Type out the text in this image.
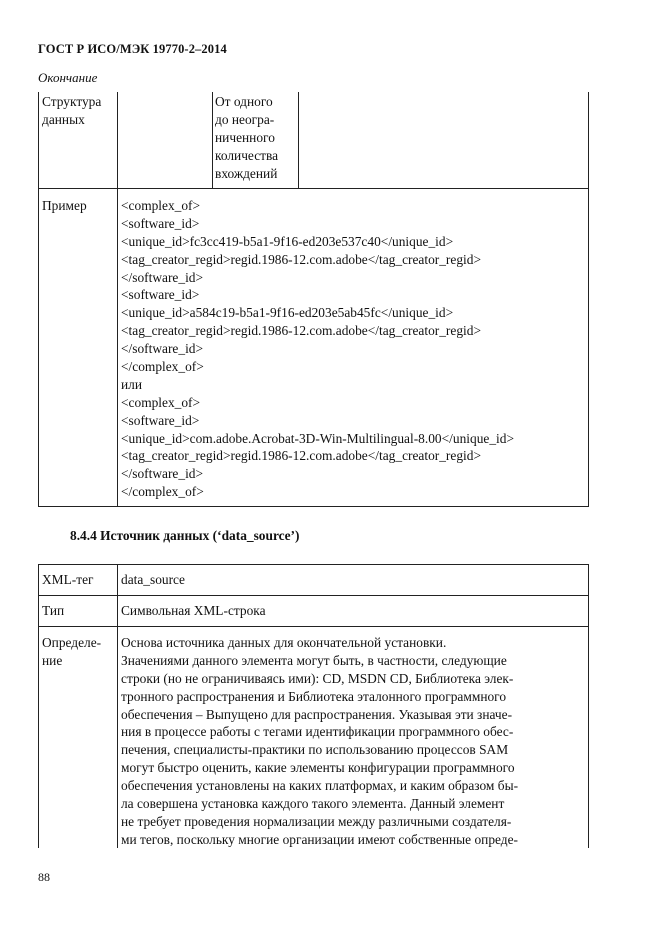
ГОСТ Р ИСО/МЭК 19770-2–2014
Окончание
Структура
данных
От одного
до неогра-
ниченного
количества
вхождений
Пример	<complex_of>
<software_id>
<unique_id>fc3cc419-b5a1-9f16-ed203e537c40</unique_id>
<tag_creator_regid>regid.1986-12.com.adobe</tag_creator_regid>
</software_id>
<software_id>
<unique_id>a584c19-b5a1-9f16-ed203e5ab45fc</unique_id>
<tag_creator_regid>regid.1986-12.com.adobe</tag_creator_regid>
</software_id>
</complex_of>
или
<complex_of>
<software_id>
<unique_id>com.adobe.Acrobat-3D-Win-Multilingual-8.00</unique_id>
<tag_creator_regid>regid.1986-12.com.adobe</tag_creator_regid>
</software_id>
</complex_of>
8.4.4 Источник данных (‘data_source’)
XML-тег data_source
Тип	Символьная XML-строка
Определе-
ние
Основа источника данных для окончательной установки.
Значениями данного элемента могут быть, в частности, следующие
строки (но не ограничиваясь ими): CD, MSDN CD, Библиотека элек-
тронного распространения и Библиотека эталонного программного
обеспечения – Выпущено для распространения. Указывая эти значе-
ния в процессе работы с тегами идентификации программного обес-
печения, специалисты-практики по использованию процессов SAM
могут быстро оценить, какие элементы конфигурации программного
обеспечения установлены на каких платформах, и каким образом бы-
ла совершена установка каждого такого элемента. Данный элемент
не требует проведения нормализации между различными создателя-
ми тегов, поскольку многие организации имеют собственные опреде-
88
